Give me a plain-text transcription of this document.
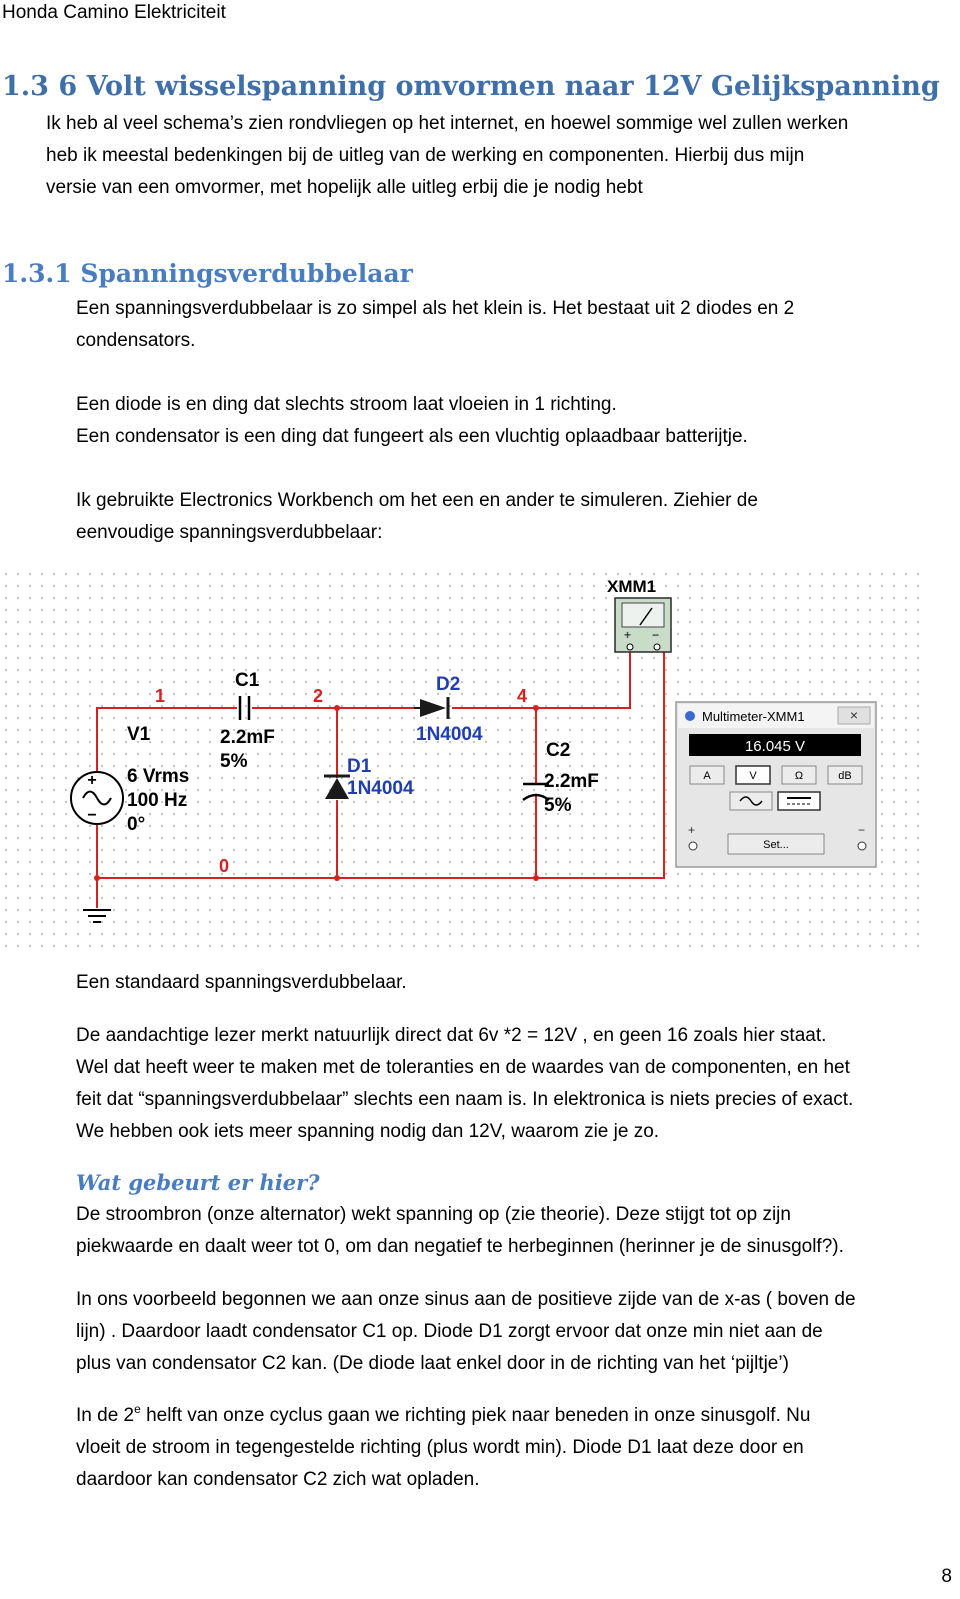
Honda Camino Elektriciteit
1.3 6 Volt wisselspanning omvormen naar 12V Gelijkspanning

Ik heb al veel schema’s zien rondvliegen op het internet, en hoewel sommige wel zullen werken

heb ik meestal bedenkingen bij de uitleg van de werking en componenten. Hierbij dus mijn

versie van een omvormer, met hopelijk alle uitleg erbij die je nodig hebt

1.3.1 Spanningsverdubbelaar

Een spanningsverdubbelaar is zo simpel als het klein is. Het bestaat uit 2 diodes en 2

condensators.

Een diode is en ding dat slechts stroom laat vloeien in 1 richting.

Een condensator is een ding dat fungeert als een vluchtig oplaadbaar batterijtje.

Ik gebruikte Electronics Workbench om het een en ander te simuleren. Ziehier de

eenvoudige spanningsverdubbelaar:

+
−
+ −
1	2	4
0
V1
6 Vrms
100 Hz
0°
C1
2.2mF
5%
D2
1N4004
D1
1N4004
C2
2.2mF
5%
XMM1
Multimeter-XMM1	×
16.045 V
A	V	Ω	dB
+	−
Set...

Een standaard spanningsverdubbelaar.

De aandachtige lezer merkt natuurlijk direct dat 6v *2 = 12V , en geen 16 zoals hier staat.

Wel dat heeft weer te maken met de toleranties en de waardes van de componenten, en het

feit dat “spanningsverdubbelaar” slechts een naam is. In elektronica is niets precies of exact.

We hebben ook iets meer spanning nodig dan 12V, waarom zie je zo.

Wat gebeurt er hier?

De stroombron (onze alternator) wekt spanning op (zie theorie). Deze stijgt tot op zijn

piekwaarde en daalt weer tot 0, om dan negatief te herbeginnen (herinner je de sinusgolf?).

In ons voorbeeld begonnen we aan onze sinus aan de positieve zijde van de x-as ( boven de

lijn) . Daardoor laadt condensator C1 op. Diode D1 zorgt ervoor dat onze min niet aan de

plus van condensator C2 kan. (De diode laat enkel door in de richting van het ‘pijltje’)

In de 2e helft van onze cyclus gaan we richting piek naar beneden in onze sinusgolf. Nu

vloeit de stroom in tegengestelde richting (plus wordt min). Diode D1 laat deze door en

daardoor kan condensator C2 zich wat opladen.

8
